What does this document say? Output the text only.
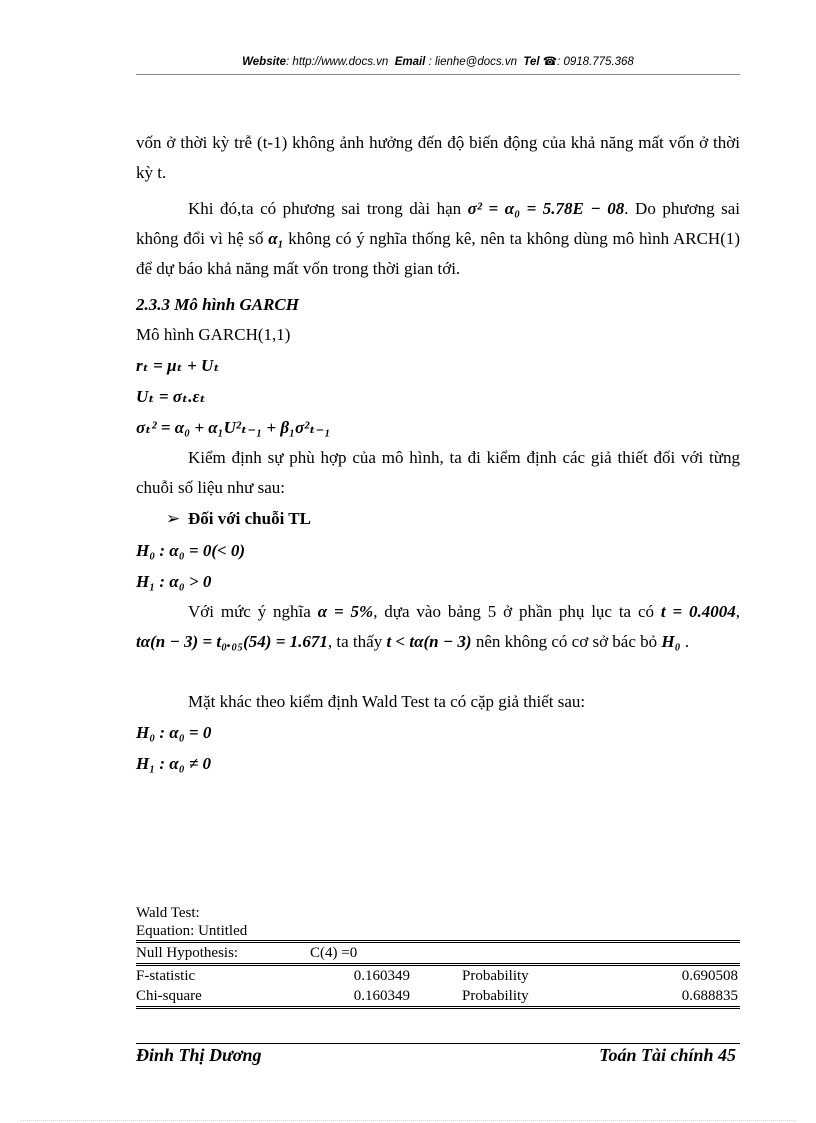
Website: http://www.docs.vn Email : lienhe@docs.vn Tel ☎: 0918.775.368

vốn ở thời kỳ trễ (t-1) không ảnh hưởng đến độ biến động của khả năng mất vốn ở thời kỳ t.

Khi đó,ta có phương sai trong dài hạn σ² = α₀ = 5.78E − 08. Do phương sai không đổi vì hệ số α₁ không có ý nghĩa thống kê, nên ta không dùng mô hình ARCH(1) để dự báo khả năng mất vốn trong thời gian tới.

2.3.3 Mô hình GARCH

Mô hình GARCH(1,1)

rₜ = μₜ + Uₜ

Uₜ = σₜ.εₜ

σₜ² = α₀ + α₁U²ₜ₋₁ + β₁σ²ₜ₋₁

Kiểm định sự phù hợp của mô hình, ta đi kiểm định các giả thiết đối với từng chuỗi số liệu như sau:

➢ Đối với chuỗi TL

H₀ : α₀ = 0(< 0)

H₁ : α₀ > 0

Với mức ý nghĩa α = 5%, dựa vào bảng 5 ở phần phụ lục ta có t = 0.4004, tα(n − 3) = t₀.₀₅(54) = 1.671, ta thấy t < tα(n − 3) nên không có cơ sở bác bỏ H₀ .

Mặt khác theo kiểm định Wald Test ta có cặp giả thiết sau:

H₀ : α₀ = 0

H₁ : α₀ ≠ 0

Wald Test:
Equation: Untitled
Null Hypothesis:	C(4) =0
F-statistic	0.160349	Probability	0.690508
Chi-square	0.160349	Probability	0.688835
Đinh Thị Dương	Toán Tài chính 45
